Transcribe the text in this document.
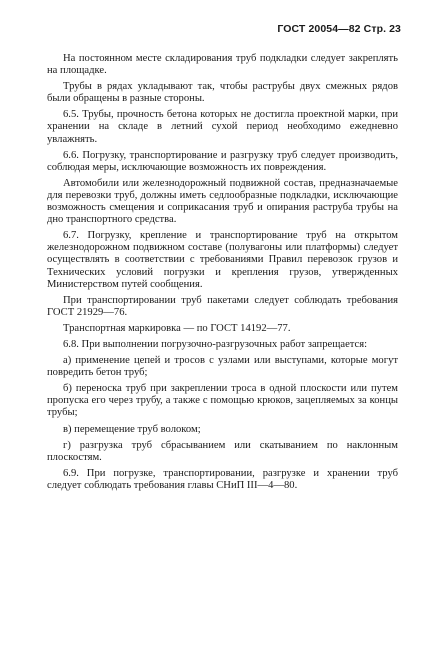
ГОСТ 20054—82 Стр. 23

На постоянном месте складирования труб подкладки следует закреплять на площадке.

Трубы в рядах укладывают так, чтобы раструбы двух смежных рядов были обращены в разные стороны.

6.5. Трубы, прочность бетона которых не достигла проектной марки, при хранении на складе в летний сухой период необходимо ежедневно увлажнять.

6.6. Погрузку, транспортирование и разгрузку труб следует производить, соблюдая меры, исключающие возможность их повреждения.

Автомобили или железнодорожный подвижной состав, предназначаемые для перевозки труб, должны иметь седлообразные подкладки, исключающие возможность смещения и соприкасания труб и опирания раструба трубы на дно транспортного средства.

6.7. Погрузку, крепление и транспортирование труб на открытом железнодорожном подвижном составе (полувагоны или платформы) следует осуществлять в соответствии с требованиями Правил перевозок грузов и Технических условий погрузки и крепления грузов, утвержденных Министерством путей сообщения.

При транспортировании труб пакетами следует соблюдать требования ГОСТ 21929—76.

Транспортная маркировка — по ГОСТ 14192—77.

6.8. При выполнении погрузочно-разгрузочных работ запрещается:

а) применение цепей и тросов с узлами или выступами, которые могут повредить бетон труб;

б) переноска труб при закреплении троса в одной плоскости или путем пропуска его через трубу, а также с помощью крюков, зацепляемых за концы трубы;

в) перемещение труб волоком;

г) разгрузка труб сбрасыванием или скатыванием по наклонным плоскостям.

6.9. При погрузке, транспортировании, разгрузке и хранении труб следует соблюдать требования главы СНиП III—4—80.
